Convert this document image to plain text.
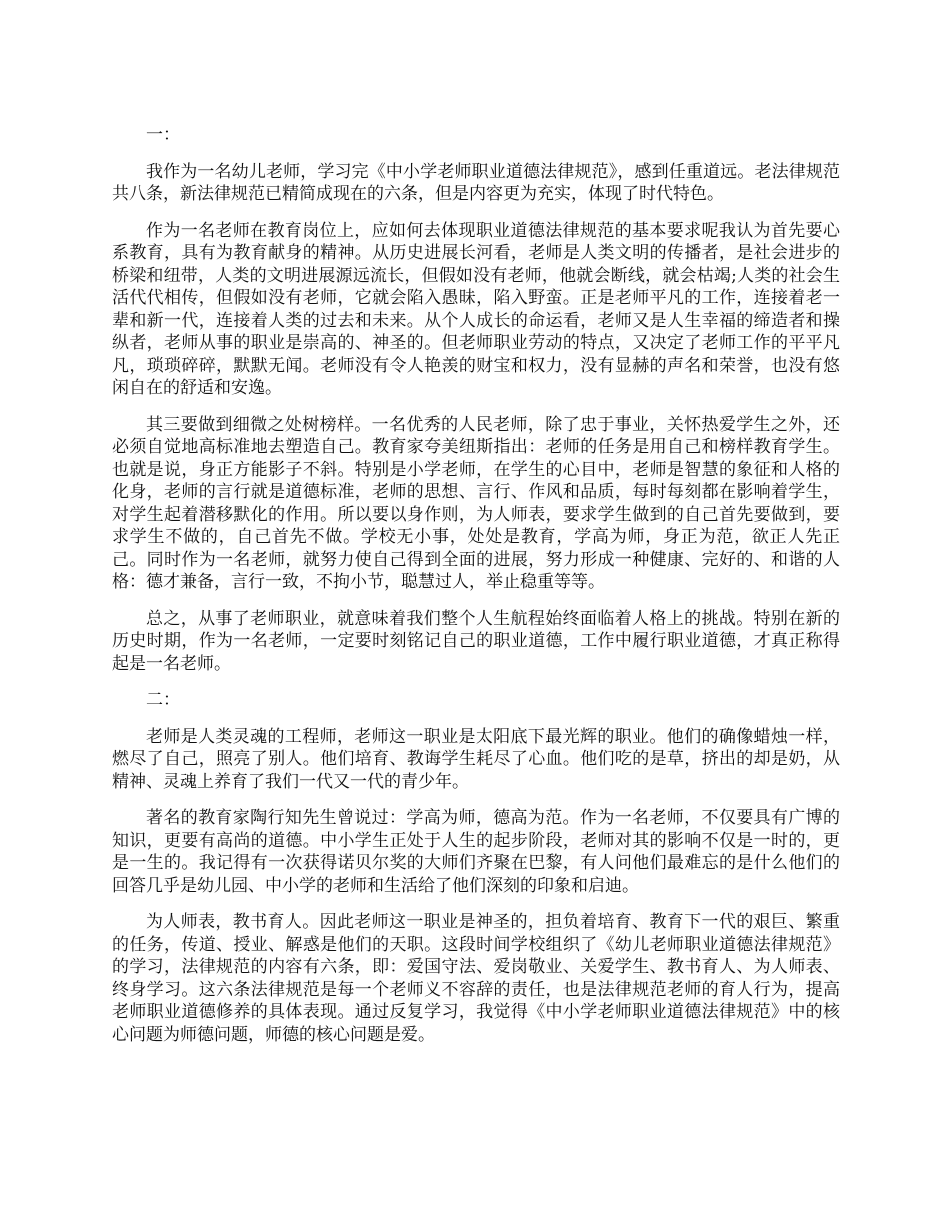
一：

我作为一名幼儿老师，学习完《中小学老师职业道德法律规范》，感到任重道远。老法律规范共八条，新法律规范已精简成现在的六条，但是内容更为充实，体现了时代特色。

作为一名老师在教育岗位上，应如何去体现职业道德法律规范的基本要求呢我认为首先要心系教育，具有为教育献身的精神。从历史进展长河看，老师是人类文明的传播者，是社会进步的桥梁和纽带，人类的文明进展源远流长，但假如没有老师，他就会断线，就会枯竭;人类的社会生活代代相传，但假如没有老师，它就会陷入愚昧，陷入野蛮。正是老师平凡的工作，连接着老一辈和新一代，连接着人类的过去和未来。从个人成长的命运看，老师又是人生幸福的缔造者和操纵者，老师从事的职业是崇高的、神圣的。但老师职业劳动的特点，又决定了老师工作的平平凡凡，琐琐碎碎，默默无闻。老师没有令人艳羡的财宝和权力，没有显赫的声名和荣誉，也没有悠闲自在的舒适和安逸。

其三要做到细微之处树榜样。一名优秀的人民老师，除了忠于事业，关怀热爱学生之外，还必须自觉地高标准地去塑造自己。教育家夸美纽斯指出：老师的任务是用自己和榜样教育学生。也就是说，身正方能影子不斜。特别是小学老师，在学生的心目中，老师是智慧的象征和人格的化身，老师的言行就是道德标准，老师的思想、言行、作风和品质，每时每刻都在影响着学生，对学生起着潜移默化的作用。所以要以身作则，为人师表，要求学生做到的自己首先要做到，要求学生不做的，自己首先不做。学校无小事，处处是教育，学高为师，身正为范，欲正人先正己。同时作为一名老师，就努力使自己得到全面的进展，努力形成一种健康、完好的、和谐的人格：德才兼备，言行一致，不拘小节，聪慧过人，举止稳重等等。

总之，从事了老师职业，就意味着我们整个人生航程始终面临着人格上的挑战。特别在新的历史时期，作为一名老师，一定要时刻铭记自己的职业道德，工作中履行职业道德，才真正称得起是一名老师。

二：

老师是人类灵魂的工程师，老师这一职业是太阳底下最光辉的职业。他们的确像蜡烛一样，燃尽了自己，照亮了别人。他们培育、教诲学生耗尽了心血。他们吃的是草，挤出的却是奶，从精神、灵魂上养育了我们一代又一代的青少年。

著名的教育家陶行知先生曾说过：学高为师，德高为范。作为一名老师，不仅要具有广博的知识，更要有高尚的道德。中小学生正处于人生的起步阶段，老师对其的影响不仅是一时的，更是一生的。我记得有一次获得诺贝尔奖的大师们齐聚在巴黎，有人问他们最难忘的是什么他们的回答几乎是幼儿园、中小学的老师和生活给了他们深刻的印象和启迪。

为人师表，教书育人。因此老师这一职业是神圣的，担负着培育、教育下一代的艰巨、繁重的任务，传道、授业、解惑是他们的天职。这段时间学校组织了《幼儿老师职业道德法律规范》的学习，法律规范的内容有六条，即：爱国守法、爱岗敬业、关爱学生、教书育人、为人师表、终身学习。这六条法律规范是每一个老师义不容辞的责任，也是法律规范老师的育人行为，提高老师职业道德修养的具体表现。通过反复学习，我觉得《中小学老师职业道德法律规范》中的核心问题为师德问题，师德的核心问题是爱。
